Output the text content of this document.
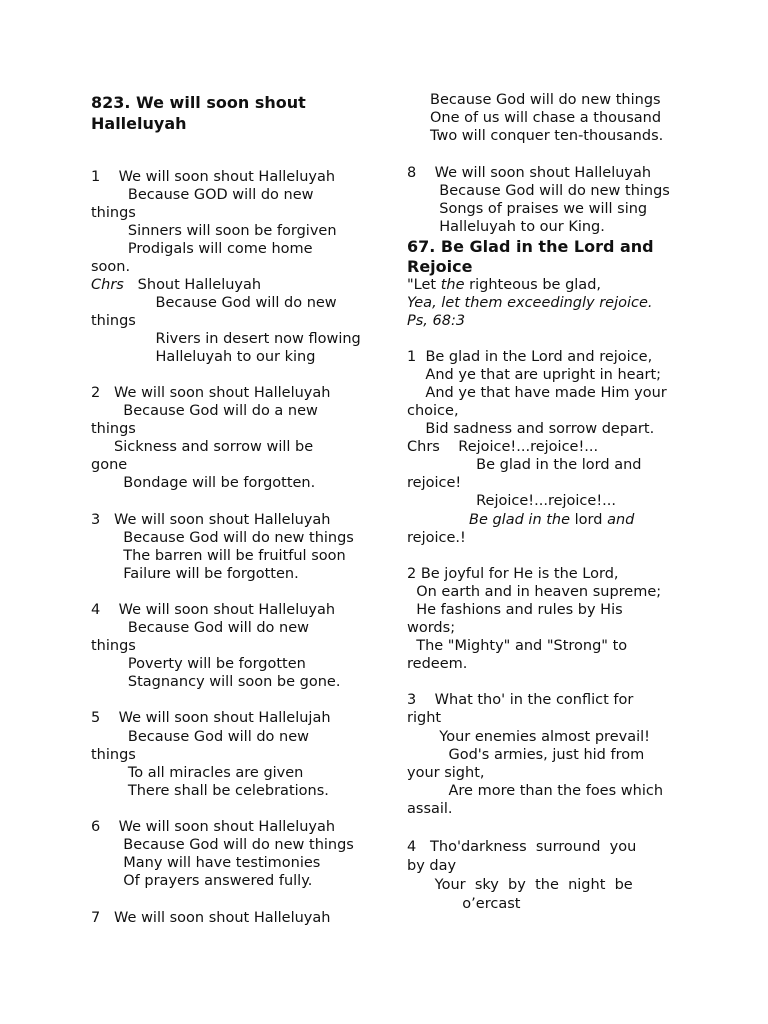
823. We will soon shout
Halleluyah
1    We will soon shout Halleluyah
Because GOD will do new
things
Sinners will soon be forgiven
Prodigals will come home
soon.
Chrs Shout Halleluyah
Because God will do new
things
Rivers in desert now flowing
Halleluyah to our king
2   We will soon shout Halleluyah
Because God will do a new
things
Sickness and sorrow will be
gone
Bondage will be forgotten.
3   We will soon shout Halleluyah
Because God will do new things
The barren will be fruitful soon
Failure will be forgotten.
4    We will soon shout Halleluyah
Because God will do new
things
Poverty will be forgotten
Stagnancy will soon be gone.
5    We will soon shout Hallelujah
Because God will do new
things
To all miracles are given
There shall be celebrations.
6    We will soon shout Halleluyah
Because God will do new things
Many will have testimonies
Of prayers answered fully.
7   We will soon shout Halleluyah
Because God will do new things
One of us will chase a thousand
Two will conquer ten-thousands.
8    We will soon shout Halleluyah
Because God will do new things
Songs of praises we will sing
Halleluyah to our King.
67. Be Glad in the Lord and
Rejoice
"Let the righteous be glad,
Yea, let them exceedingly rejoice.
Ps, 68:3
1  Be glad in the Lord and rejoice,
And ye that are upright in heart;
And ye that have made Him your
choice,
Bid sadness and sorrow depart.
Chrs    Rejoice!...rejoice!...
Be glad in the lord and
rejoice!
Rejoice!...rejoice!...
Be glad in the lord and
rejoice.!
2 Be joyful for He is the Lord,
On earth and in heaven supreme;
He fashions and rules by His
words;
The "Mighty" and "Strong" to
redeem.
3    What tho' in the conflict for
right
Your enemies almost prevail!
God's armies, just hid from
your sight,
Are more than the foes which
assail.
4   Tho'darkness  surround  you
by day
Your  sky  by  the  night  be
o’ercast
